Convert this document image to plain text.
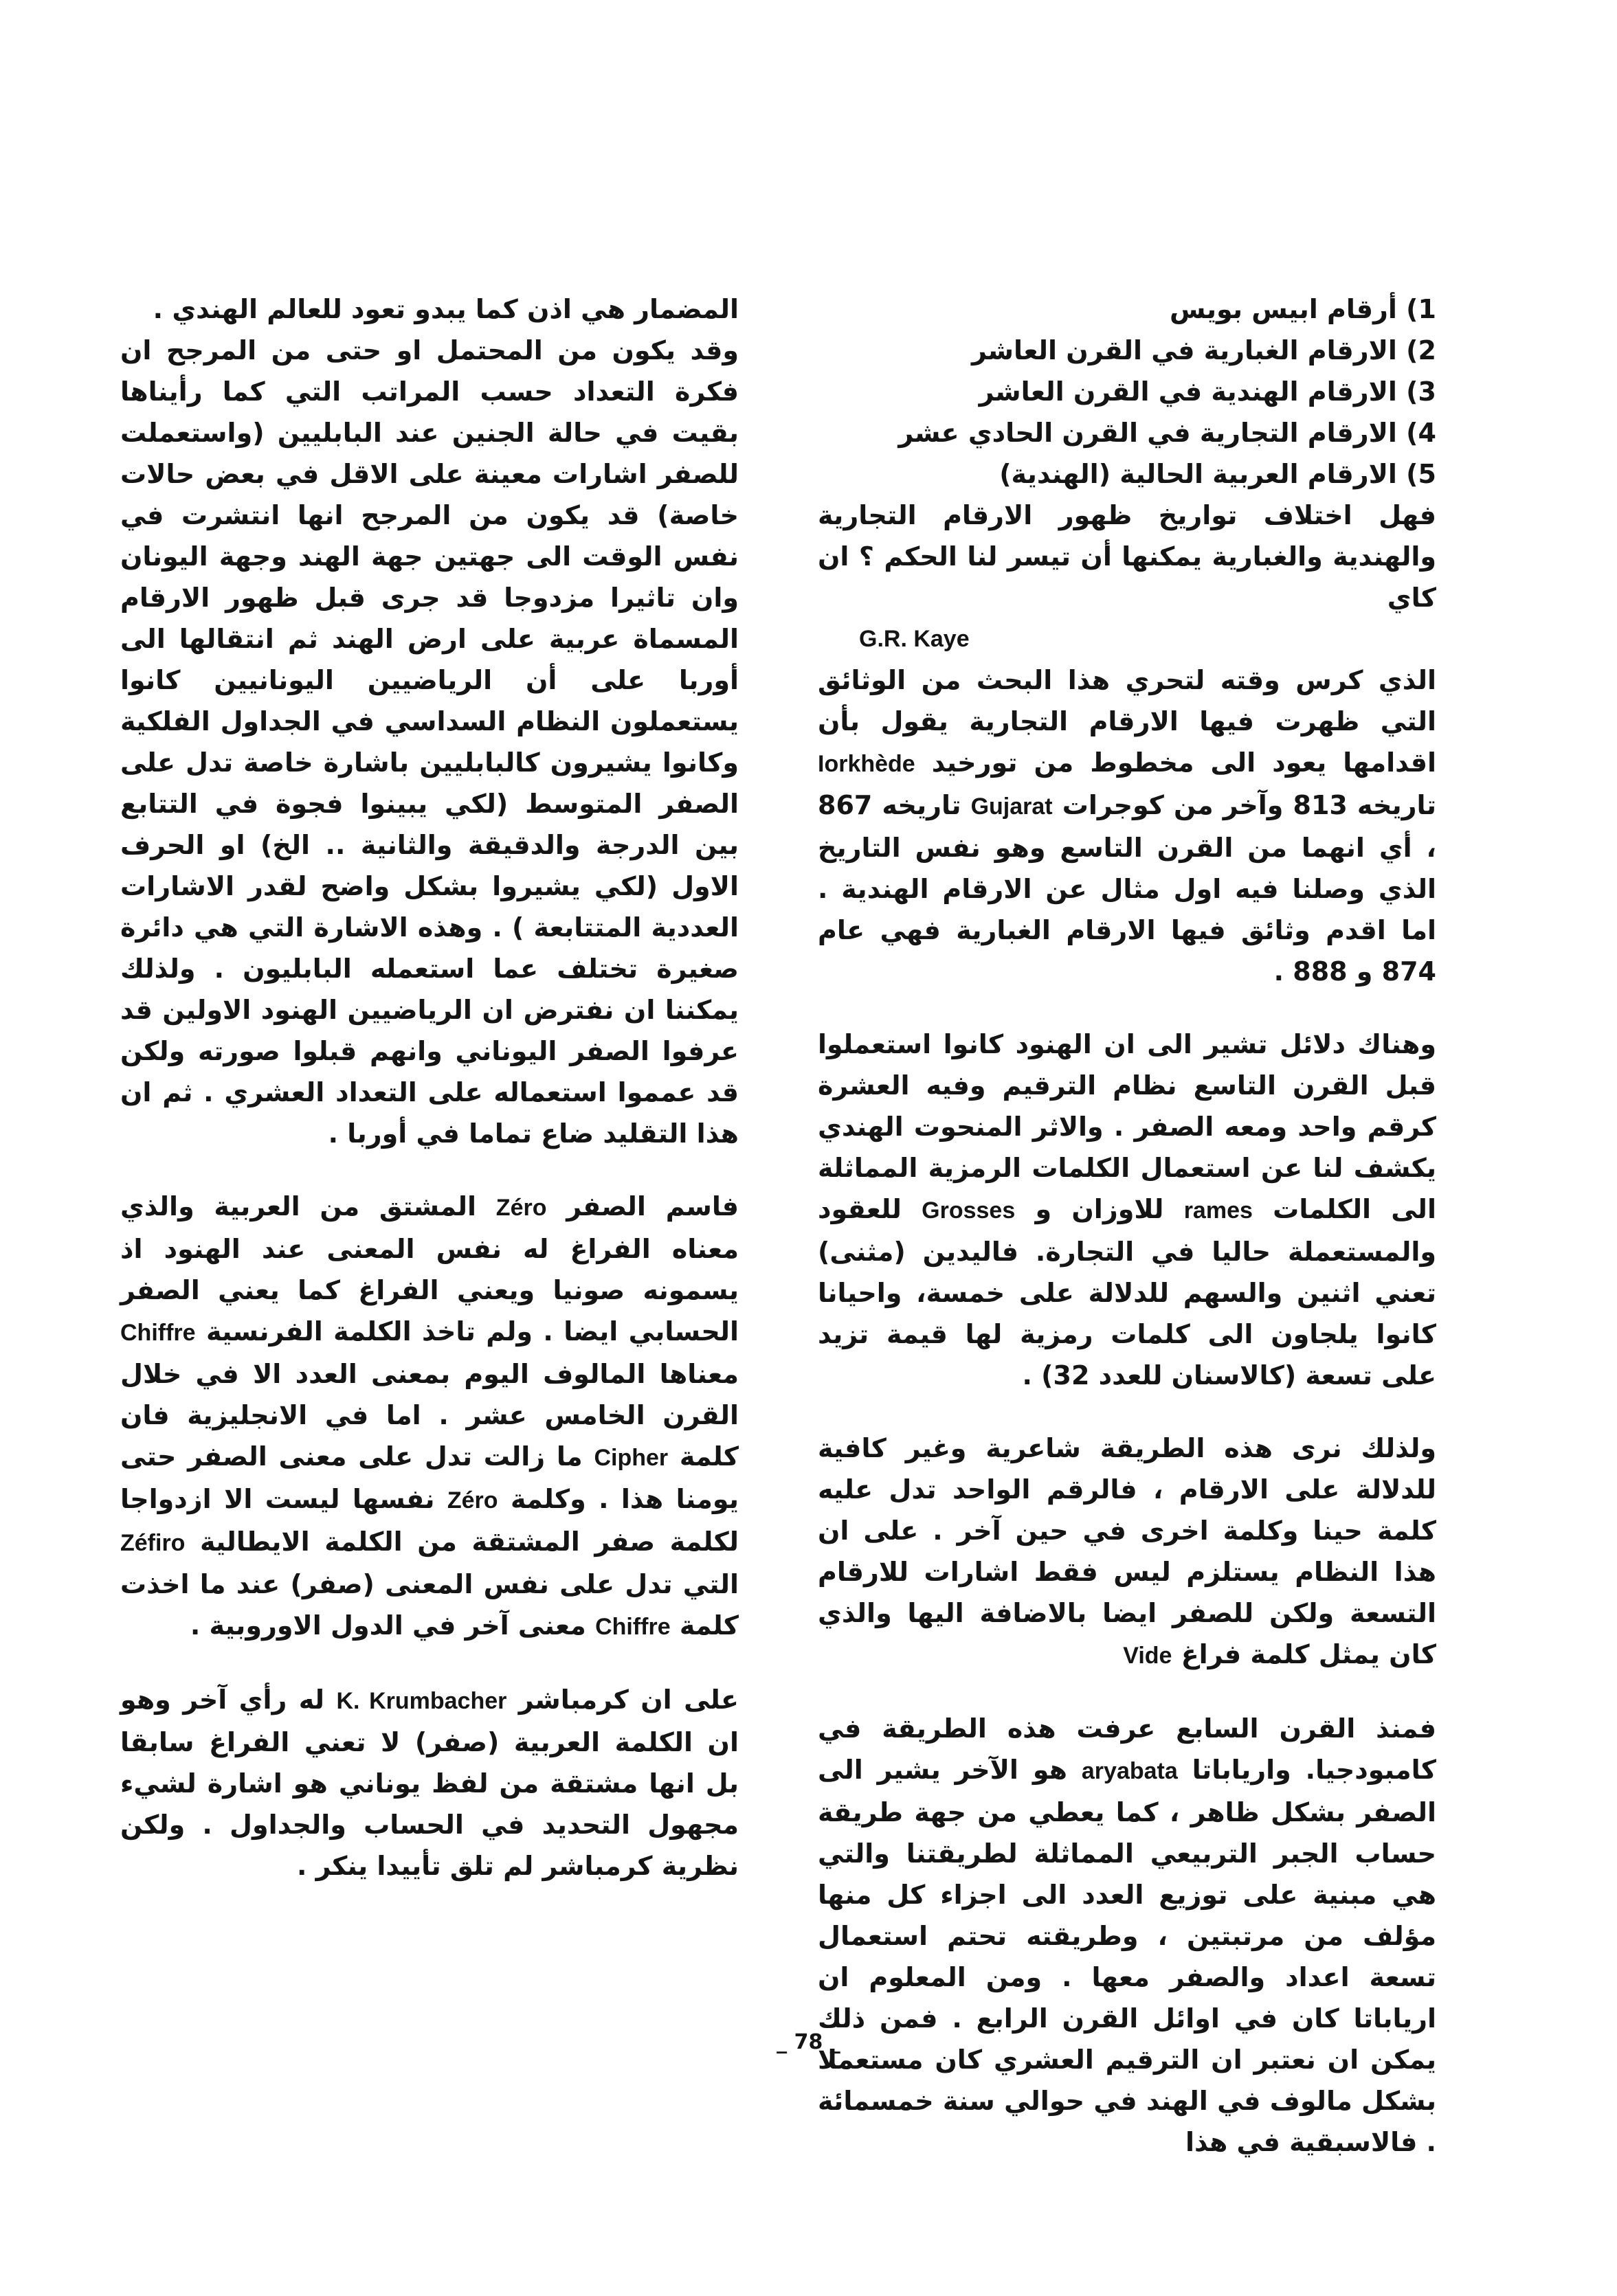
1) أرقام ابيس بويس
2) الارقام الغبارية في القرن العاشر
3) الارقام الهندية في القرن العاشر
4) الارقام التجارية في القرن الحادي عشر
5) الارقام العربية الحالية (الهندية)

فهل اختلاف تواريخ ظهور الارقام التجارية والهندية والغبارية يمكنها أن تيسر لنا الحكم ؟ ان كاي
G.R. Kaye

الذي كرس وقته لتحري هذا البحث من الوثائق التي ظهرت فيها الارقام التجارية يقول بأن اقدامها يعود الى مخطوط من تورخيد Iorkhède تاريخه 813 وآخر من كوجرات Gujarat تاريخه 867 ، أي انهما من القرن التاسع وهو نفس التاريخ الذي وصلنا فيه اول مثال عن الارقام الهندية . اما اقدم وثائق فيها الارقام الغبارية فهي عام 874 و 888 .

وهناك دلائل تشير الى ان الهنود كانوا استعملوا قبل القرن التاسع نظام الترقيم وفيه العشرة كرقم واحد ومعه الصفر . والاثر المنحوت الهندي يكشف لنا عن استعمال الكلمات الرمزية المماثلة الى الكلمات rames للاوزان و Grosses للعقود والمستعملة حاليا في التجارة. فاليدين (مثنى) تعني اثنين والسهم للدلالة على خمسة، واحيانا كانوا يلجاون الى كلمات رمزية لها قيمة تزيد على تسعة (كالاسنان للعدد 32) .

ولذلك نرى هذه الطريقة شاعرية وغير كافية للدلالة على الارقام ، فالرقم الواحد تدل عليه كلمة حينا وكلمة اخرى في حين آخر . على ان هذا النظام يستلزم ليس فقط اشارات للارقام التسعة ولكن للصفر ايضا بالاضافة اليها والذي كان يمثل كلمة فراغ Vide

فمنذ القرن السابع عرفت هذه الطريقة في كامبودجيا. وارياباتا aryabata هو الآخر يشير الى الصفر بشكل ظاهر ، كما يعطي من جهة طريقة حساب الجبر التربيعي المماثلة لطريقتنا والتي هي مبنية على توزيع العدد الى اجزاء كل منها مؤلف من مرتبتين ، وطريقته تحتم استعمال تسعة اعداد والصفر معها . ومن المعلوم ان ارياباتا كان في اوائل القرن الرابع . فمن ذلك يمكن ان نعتبر ان الترقيم العشري كان مستعملا بشكل مالوف في الهند في حوالي سنة خمسمائة . فالاسبقية في هذا

المضمار هي اذن كما يبدو تعود للعالم الهندي .

وقد يكون من المحتمل او حتى من المرجح ان فكرة التعداد حسب المراتب التي كما رأيناها بقيت في حالة الجنين عند البابليين (واستعملت للصفر اشارات معينة على الاقل في بعض حالات خاصة) قد يكون من المرجح انها انتشرت في نفس الوقت الى جهتين جهة الهند وجهة اليونان وان تاثيرا مزدوجا قد جرى قبل ظهور الارقام المسماة عربية على ارض الهند ثم انتقالها الى أوربا على أن الرياضيين اليونانيين كانوا يستعملون النظام السداسي في الجداول الفلكية وكانوا يشيرون كالبابليين باشارة خاصة تدل على الصفر المتوسط (لكي يبينوا فجوة في التتابع بين الدرجة والدقيقة والثانية .. الخ) او الحرف الاول (لكي يشيروا بشكل واضح لقدر الاشارات العددية المتتابعة ) . وهذه الاشارة التي هي دائرة صغيرة تختلف عما استعمله البابليون . ولذلك يمكننا ان نفترض ان الرياضيين الهنود الاولين قد عرفوا الصفر اليوناني وانهم قبلوا صورته ولكن قد عمموا استعماله على التعداد العشري . ثم ان هذا التقليد ضاع تماما في أوربا .

فاسم الصفر Zéro المشتق من العربية والذي معناه الفراغ له نفس المعنى عند الهنود اذ يسمونه صونيا ويعني الفراغ كما يعني الصفر الحسابي ايضا . ولم تاخذ الكلمة الفرنسية Chiffre معناها المالوف اليوم بمعنى العدد الا في خلال القرن الخامس عشر . اما في الانجليزية فان كلمة Cipher ما زالت تدل على معنى الصفر حتى يومنا هذا . وكلمة Zéro نفسها ليست الا ازدواجا لكلمة صفر المشتقة من الكلمة الايطالية Zéfiro التي تدل على نفس المعنى (صفر) عند ما اخذت كلمة Chiffre معنى آخر في الدول الاوروبية .

على ان كرمباشر K. Krumbacher له رأي آخر وهو ان الكلمة العربية (صفر) لا تعني الفراغ سابقا بل انها مشتقة من لفظ يوناني هو اشارة لشيء مجهول التحديد في الحساب والجداول . ولكن نظرية كرمباشر لم تلق تأييدا ينكر .

_ 78 _
